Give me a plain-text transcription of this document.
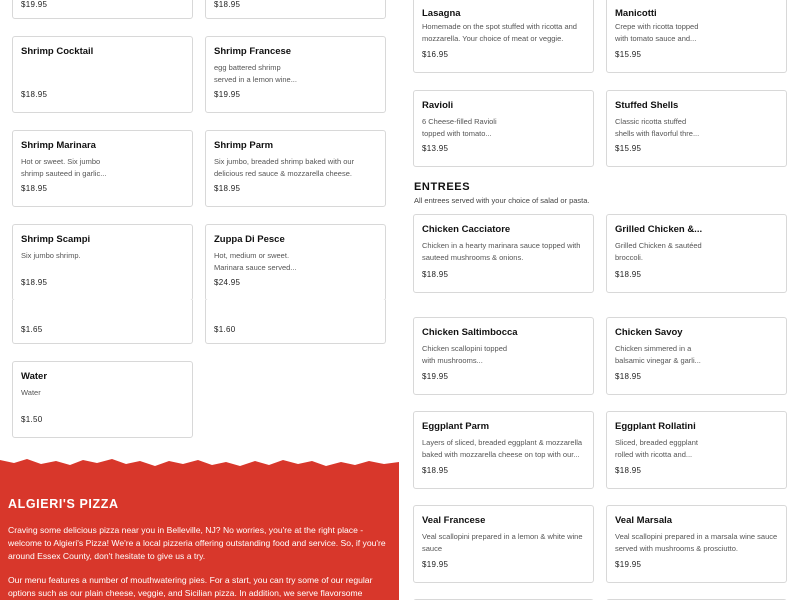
$19.95	$18.95
Shrimp Cocktail
$18.95
Shrimp Francese
egg battered shrimp served in a lemon wine...
$19.95
Shrimp Marinara
Hot or sweet. Six jumbo shrimp sauteed in garlic...
$18.95
Shrimp Parm
Six jumbo, breaded shrimp baked with our delicious red sauce & mozzarella cheese.
$18.95
Shrimp Scampi
Six jumbo shrimp.
$18.95
Zuppa Di Pesce
Hot, medium or sweet. Marinara sauce served...
$24.95
$1.65	$1.60
Water
Water
$1.50
Lasagna
Homemade on the spot stuffed with ricotta and mozzarella. Your choice of meat or veggie.
$16.95
Manicotti
Crepe with ricotta topped with tomato sauce and...
$15.95
Ravioli
6 Cheese-filled Ravioli topped with tomato...
$13.95
Stuffed Shells
Classic ricotta stuffed shells with flavorful thre...
$15.95
ENTREES
All entrees served with your choice of salad or pasta.
Chicken Cacciatore
Chicken in a hearty marinara sauce topped with sauteed mushrooms & onions.
$18.95
Grilled Chicken &...
Grilled Chicken & sautéed broccoli.
$18.95
Chicken Saltimbocca
Chicken scallopini topped with mushrooms...
$19.95
Chicken Savoy
Chicken simmered in a balsamic vinegar & garli...
$18.95
Eggplant Parm
Layers of sliced, breaded eggplant & mozzarella baked with mozzarella cheese on top with our...
$18.95
Eggplant Rollatini
Sliced, breaded eggplant rolled with ricotta and...
$18.95
Veal Francese
Veal scallopini prepared in a lemon & white wine sauce
$19.95
Veal Marsala
Veal scallopini prepared in a marsala wine sauce served with mushrooms & prosciutto.
$19.95
ALGIERI'S PIZZA
Craving some delicious pizza near you in Belleville, NJ? No worries, you're at the right place - welcome to Algieri's Pizza! We're a local pizzeria offering outstanding food and service. So, if you're around Essex County, don't hesitate to give us a try.
Our menu features a number of mouthwatering pies. For a start, you can try some of our regular options such as our plain cheese, veggie, and Sicilian pizza. In addition, we serve flavorsome
